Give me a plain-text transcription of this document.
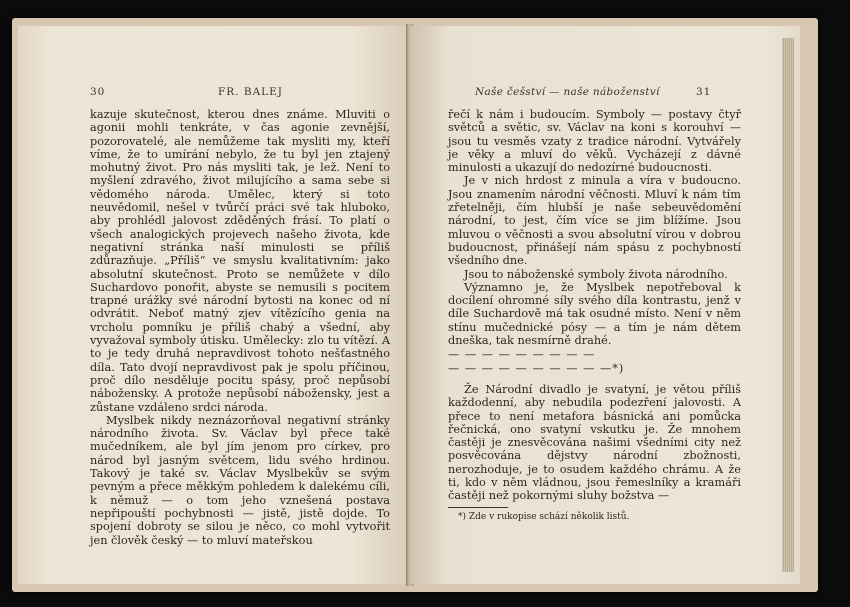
30	FR. BALEJ

kazuje skutečnost, kterou dnes známe. Mluviti o agonii mohli tenkráte, v čas agonie zevnější, pozorovatelé, ale nemůžeme tak mysliti my, kteří víme, že to umírání nebylo, že tu byl jen ztajený mohutný život. Pro nás mysliti tak, je lež. Není to myšlení zdravého, život milujícího a sama sebe si vědomého národa. Umělec, který si toto neuvědomil, nešel v tvůrčí práci své tak hluboko, aby prohlédl jalovost zděděných frásí. To platí o všech analogických projevech našeho života, kde negativní stránka naší minulosti se příliš zdůrazňuje. „Příliš“ ve smyslu kvalitativním: jako absolutní skutečnost. Proto se nemůžete v dílo Suchardovo ponořit, abyste se nemusili s pocitem trapné urážky své národní bytosti na konec od ní odvrátit. Neboť matný zjev vítězícího genia na vrcholu pomníku je příliš chabý a všední, aby vyvažoval symboly útisku. Umělecky: zlo tu vítězí. A to je tedy druhá nepravdivost tohoto nešťastného díla. Tato dvojí nepravdivost pak je spolu příčinou, proč dílo nesděluje pocitu spásy, proč nepůsobí nábožensky. A protože nepůsobí nábožensky, jest a zůstane vzdáleno srdci národa.

Myslbek nikdy neznázorňoval negativní stránky národního života. Sv. Václav byl přece také mučedníkem, ale byl jím jenom pro církev, pro národ byl jasným světcem, lidu svého hrdinou. Takový je také sv. Václav Myslbekův se svým pevným a přece měkkým pohledem k dalekému cíli, k němuž — o tom jeho vznešená postava nepřipouští pochybnosti — jistě, jistě dojde. To spojení dobroty se silou je něco, co mohl vytvořit jen člověk český — to mluví mateřskou

Naše češství — naše náboženství	31

řečí k nám i budoucím. Symboly — postavy čtyř světců a světic, sv. Václav na koni s korouhví — jsou tu vesměs vzaty z tradice národní. Vytvářely je věky a mluví do věků. Vycházejí z dávné minulosti a ukazují do nedozírné budoucnosti.

Je v nich hrdost z minula a víra v budoucno. Jsou znamením národní věčnosti. Mluví k nám tím zřetelněji, čím hlubší je naše sebeuvědomění národní, to jest, čím více se jim blížíme. Jsou mluvou o věčnosti a svou absolutní vírou v dobrou budoucnost, přinášejí nám spásu z pochybností všedního dne.

Jsou to náboženské symboly života národního.

Významno je, že Myslbek nepotřeboval k docílení ohromné síly svého díla kontrastu, jenž v díle Suchardově má tak osudné místo. Není v něm stínu mučednické pósy — a tím je nám dětem dneška, tak nesmírně drahé.

— — — — — — — — —
— — — — — — — — — —*)

Že Národní divadlo je svatyní, je větou příliš každodenní, aby nebudila podezření jalovosti. A přece to není metafora básnická ani pomůcka řečnická, ono svatyní vskutku je. Že mnohem častěji je znesvěcována našimi všedními city než posvěcována dějstvy národní zbožnosti, nerozhoduje, je to osudem každého chrámu. A že ti, kdo v něm vládnou, jsou řemeslníky a kramáři častěji než pokornými sluhy božstva —

*) Zde v rukopise schází několik listů.
